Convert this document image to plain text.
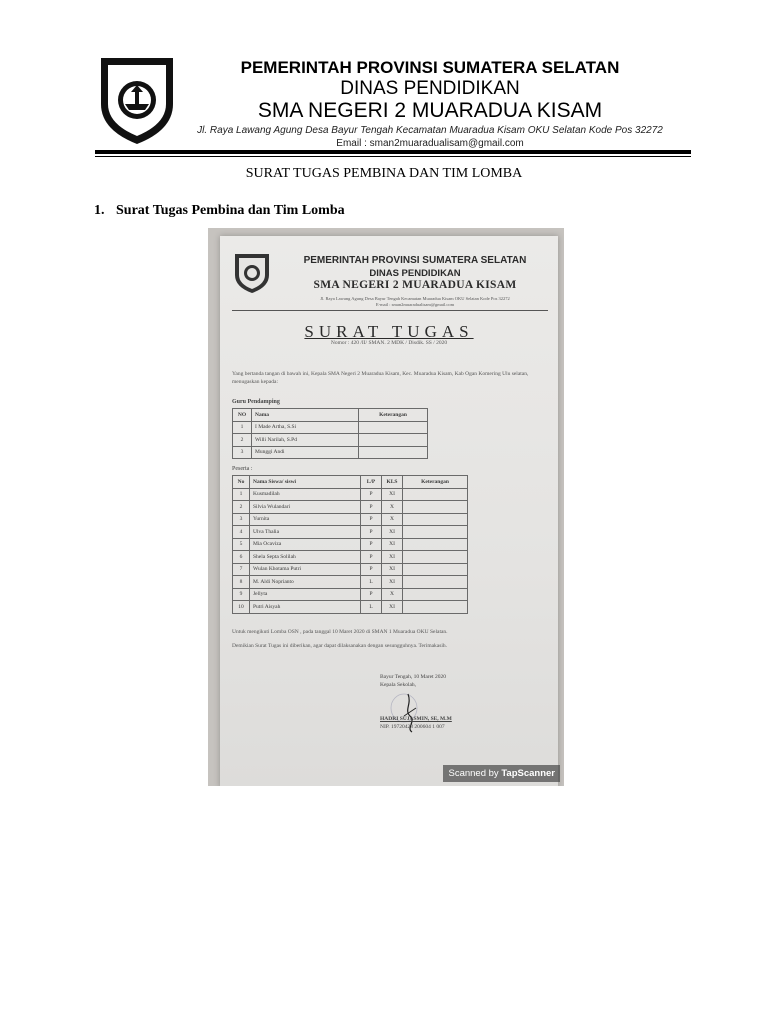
PEMERINTAH PROVINSI SUMATERA SELATAN
DINAS PENDIDIKAN
SMA NEGERI 2 MUARADUA KISAM
Jl. Raya Lawang Agung Desa Bayur Tengah Kecamatan Muaradua Kisam OKU Selatan Kode Pos 32272
Email : sman2muaradualisam@gmail.com
SURAT TUGAS PEMBINA DAN TIM LOMBA
1. Surat Tugas Pembina dan Tim Lomba
PEMERINTAH PROVINSI SUMATERA SELATAN
DINAS PENDIDIKAN
SMA NEGERI 2 MUARADUA KISAM
Jl. Raya Lawang Agung Desa Bayur Tengah Kecamatan Muaradua Kisam OKU Selatan Kode Pos 32272
E-mail : sman2muaradualisam@gmail.com
SURAT TUGAS
Nomor : 420 /II/ SMAN. 2 MDK / Disdik. SS / 2020
Yang bertanda tangan di bawah ini, Kepala SMA Negeri 2 Muaradua Kisam, Kec. Muaradua Kisam, Kab Ogan Komering Ulu selatan, menugaskan kepada:
Guru Pendamping
NO	Nama	Keterangan
1	I Made Artha, S.Si	
2	Willi Narilah, S.Pd	
3	Munggi Andi	
Peserta :
No	Nama Siswa/ siswi	L/P	KLS	Keterangan
1	Kusmadilah	P	XI	
2	Silvia Wulandari	P	X	
3	Yurnita	P	X	
4	Ulva Thalia	P	XI	
5	Mia Ocaviza	P	XI	
6	Shela Septa Solilah	P	XI	
7	Wulan Khotama Putri	P	XI	
8	M. Aldi Noprianto	L	XI	
9	Jellyta	P	X	
10	Putri Aisyah	L	XI	
Untuk mengikuti Lomba OSN , pada tanggal 10 Maret 2020 di SMAN 1 Muaradua OKU Selatan.
Demikian Surat Tugas ini diberikan, agar dapat dilaksanakan dengan sesungguhnya. Terimakasih.
Bayur Tengah, 10 Maret 2020
Kepala Sekolah,
HADRI SUJASMIN, SE, M.M
NIP. 19720428 200604 1 007
Scanned by TapScanner
